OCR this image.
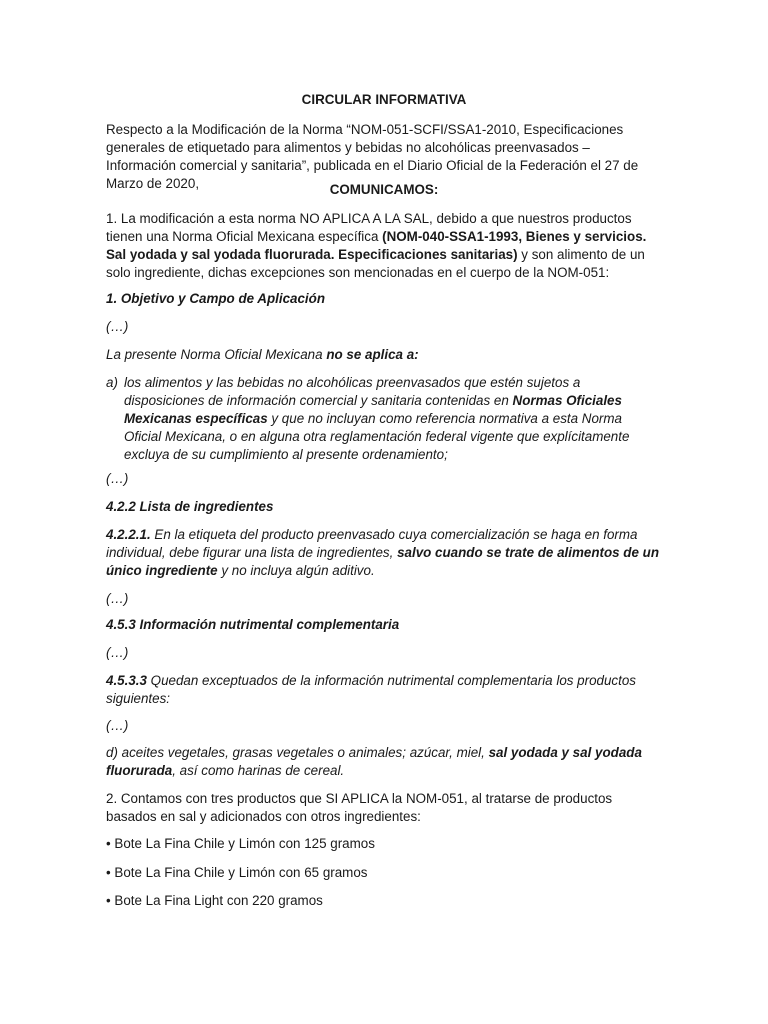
CIRCULAR INFORMATIVA

Respecto a la Modificación de la Norma “NOM-051-SCFI/SSA1-2010, Especificaciones generales de etiquetado para alimentos y bebidas no alcohólicas preenvasados – Información comercial y sanitaria”, publicada en el Diario Oficial de la Federación el 27 de Marzo de 2020,	COMUNICAMOS:

1. La modificación a esta norma NO APLICA A LA SAL, debido a que nuestros productos tienen una Norma Oficial Mexicana específica (NOM-040-SSA1-1993, Bienes y servicios. Sal yodada y sal yodada fluorurada. Especificaciones sanitarias) y son alimento de un solo ingrediente, dichas excepciones son mencionadas en el cuerpo de la NOM-051:

1. Objetivo y Campo de Aplicación

(…)

La presente Norma Oficial Mexicana no se aplica a:

a) los alimentos y las bebidas no alcohólicas preenvasados que estén sujetos a disposiciones de información comercial y sanitaria contenidas en Normas Oficiales Mexicanas específicas y que no incluyan como referencia normativa a esta Norma Oficial Mexicana, o en alguna otra reglamentación federal vigente que explícitamente excluya de su cumplimiento al presente ordenamiento;

(…)

4.2.2 Lista de ingredientes

4.2.2.1. En la etiqueta del producto preenvasado cuya comercialización se haga en forma individual, debe figurar una lista de ingredientes, salvo cuando se trate de alimentos de un único ingrediente y no incluya algún aditivo.

(…)

4.5.3 Información nutrimental complementaria

(…)

4.5.3.3 Quedan exceptuados de la información nutrimental complementaria los productos siguientes:

(…)

d) aceites vegetales, grasas vegetales o animales; azúcar, miel, sal yodada y sal yodada fluorurada, así como harinas de cereal.

2. Contamos con tres productos que SI APLICA la NOM-051, al tratarse de productos basados en sal y adicionados con otros ingredientes:

• Bote La Fina Chile y Limón con 125 gramos

• Bote La Fina Chile y Limón con 65 gramos

• Bote La Fina Light con 220 gramos
